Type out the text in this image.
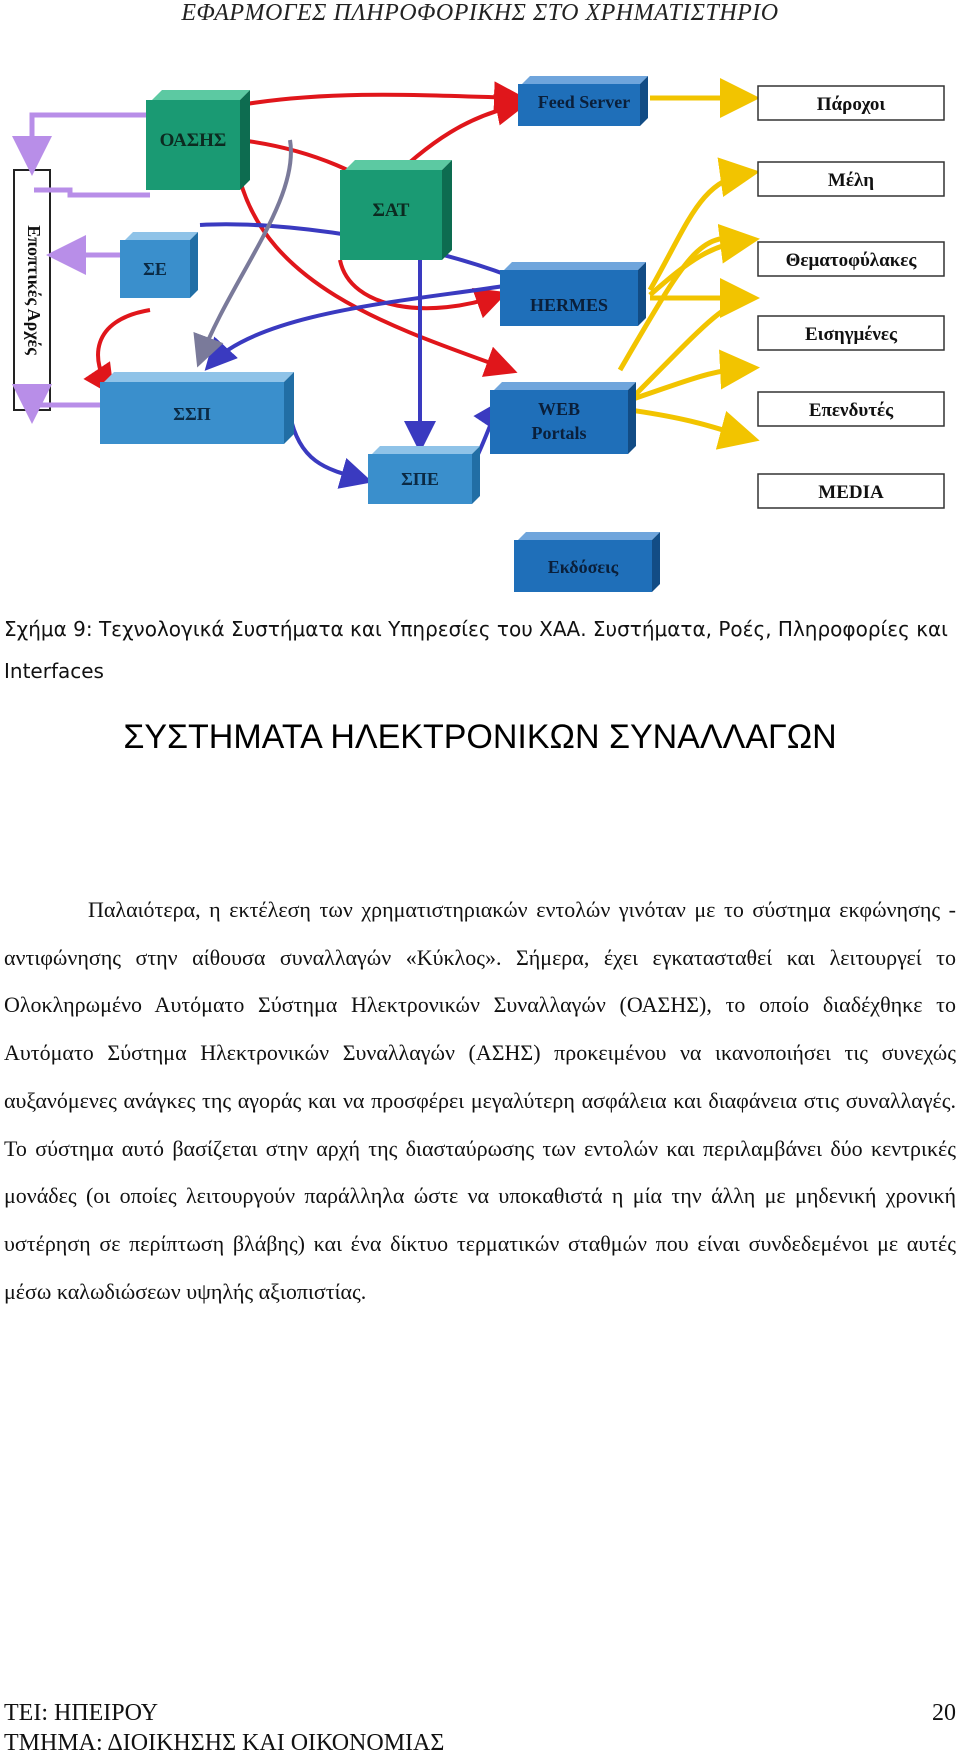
ΕΦΑΡΜΟΓΕΣ ΠΛΗΡΟΦΟΡΙΚΗΣ ΣΤΟ ΧΡΗΜΑΤΙΣΤΗΡΙΟ
Εποπτικές Αρχές
ΟΑΣΗΣ
ΣΑΤ
ΣΕ
ΣΣΠ
ΣΠΕ
Feed Server
HERMES
WEB
Portals
Εκδόσεις
Πάροχοι
Μέλη
Θεματοφύλακες
Εισηγμένες
Επενδυτές
MEDIA
Σχήμα 9: Τεχνολογικά Συστήματα και Υπηρεσίες του ΧΑΑ. Συστήματα, Ροές, Πληροφορίες και Interfaces
ΣΥΣΤΗΜΑΤΑ ΗΛΕΚΤΡΟΝΙΚΩΝ ΣΥΝΑΛΛΑΓΩΝ

Παλαιότερα, η εκτέλεση των χρηματιστηριακών εντολών γινόταν με το σύστημα εκφώνησης - αντιφώνησης στην αίθουσα συναλλαγών «Κύκλος». Σήμερα, έχει εγκατασταθεί και λειτουργεί το Ολοκληρωμένο Αυτόματο Σύστημα Ηλεκτρονικών Συναλλαγών (ΟΑΣΗΣ), το οποίο διαδέχθηκε το Αυτόματο Σύστημα Ηλεκτρονικών Συναλλαγών (ΑΣΗΣ) προκειμένου να ικανοποιήσει τις συνεχώς αυξανόμενες ανάγκες της αγοράς και να προσφέρει μεγαλύτερη ασφάλεια και διαφάνεια στις συναλλαγές. Το σύστημα αυτό βασίζεται στην αρχή της διασταύρωσης των εντολών και περιλαμβάνει δύο κεντρικές μονάδες (οι οποίες λειτουργούν παράλληλα ώστε να υποκαθιστά η μία την άλλη με μηδενική χρονική υστέρηση σε περίπτωση βλάβης) και ένα δίκτυο τερματικών σταθμών που είναι συνδεδεμένοι με αυτές μέσω καλωδιώσεων υψηλής αξιοπιστίας.

ΤΕΙ: ΗΠΕΙΡΟΥ
ΤΜΗΜΑ: ΔΙΟΙΚΗΣΗΣ ΚΑΙ ΟΙΚΟΝΟΜΙΑΣ
20
